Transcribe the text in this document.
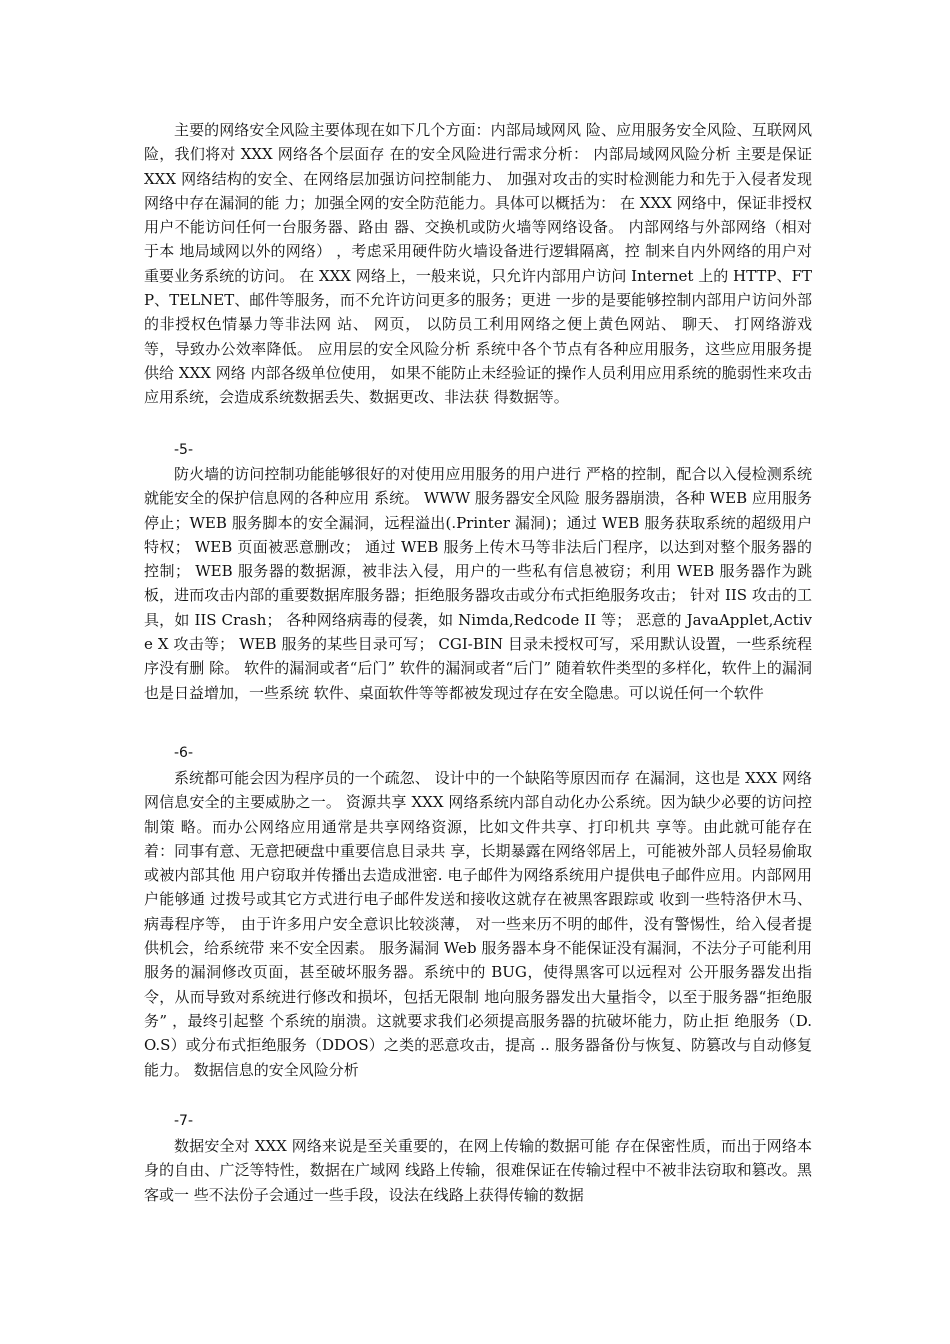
主要的网络安全风险主要体现在如下几个方面：内部局域网风 险、应用服务安全风险、互联网风险，我们将对 XXX 网络各个层面存 在的安全风险进行需求分析： 内部局域网风险分析 主要是保证 XXX 网络结构的安全、在网络层加强访问控制能力、 加强对攻击的实时检测能力和先于入侵者发现网络中存在漏洞的能 力；加强全网的安全防范能力。具体可以概括为： 在 XXX 网络中，保证非授权用户不能访问任何一台服务器、路由 器、交换机或防火墙等网络设备。 内部网络与外部网络（相对于本 地局域网以外的网络） ，考虑采用硬件防火墙设备进行逻辑隔离，控 制来自内外网络的用户对重要业务系统的访问。 在 XXX 网络上，一般来说，只允许内部用户访问 Internet 上的 HTTP、FTP、TELNET、邮件等服务，而不允许访问更多的服务；更进 一步的是要能够控制内部用户访问外部的非授权色情暴力等非法网 站、 网页， 以防员工利用网络之便上黄色网站、 聊天、 打网络游戏等，导致办公效率降低。 应用层的安全风险分析 系统中各个节点有各种应用服务，这些应用服务提供给 XXX 网络 内部各级单位使用， 如果不能防止未经验证的操作人员利用应用系统的脆弱性来攻击应用系统，会造成系统数据丢失、数据更改、非法获 得数据等。

-5-

防火墙的访问控制功能能够很好的对使用应用服务的用户进行 严格的控制，配合以入侵检测系统就能安全的保护信息网的各种应用 系统。 WWW 服务器安全风险 服务器崩溃，各种 WEB 应用服务停止；WEB 服务脚本的安全漏洞，远程溢出(.Printer 漏洞)；通过 WEB 服务获取系统的超级用户特权； WEB 页面被恶意删改； 通过 WEB 服务上传木马等非法后门程序，以达到对整个服务器的 控制； WEB 服务器的数据源，被非法入侵，用户的一些私有信息被窃；利用 WEB 服务器作为跳板，进而攻击内部的重要数据库服务器；拒绝服务器攻击或分布式拒绝服务攻击； 针对 IIS 攻击的工具，如 IIS Crash； 各种网络病毒的侵袭，如 Nimda,Redcode II 等； 恶意的 JavaApplet,Active X 攻击等； WEB 服务的某些目录可写； CGI-BIN 目录未授权可写，采用默认设置，一些系统程序没有删 除。 软件的漏洞或者“后门” 软件的漏洞或者“后门” 随着软件类型的多样化，软件上的漏洞也是日益增加，一些系统 软件、桌面软件等等都被发现过存在安全隐患。可以说任何一个软件

-6-

系统都可能会因为程序员的一个疏忽、 设计中的一个缺陷等原因而存 在漏洞，这也是 XXX 网络网信息安全的主要威胁之一。 资源共享 XXX 网络系统内部自动化办公系统。因为缺少必要的访问控制策 略。而办公网络应用通常是共享网络资源，比如文件共享、打印机共 享等。由此就可能存在着：同事有意、无意把硬盘中重要信息目录共 享，长期暴露在网络邻居上，可能被外部人员轻易偷取或被内部其他 用户窃取并传播出去造成泄密. 电子邮件为网络系统用户提供电子邮件应用。内部网用户能够通 过拨号或其它方式进行电子邮件发送和接收这就存在被黑客跟踪或 收到一些特洛伊木马、 病毒程序等， 由于许多用户安全意识比较淡薄， 对一些来历不明的邮件，没有警惕性，给入侵者提供机会，给系统带 来不安全因素。 服务漏洞 Web 服务器本身不能保证没有漏洞，不法分子可能利用服务的漏洞修改页面，甚至破坏服务器。系统中的 BUG，使得黑客可以远程对 公开服务器发出指令，从而导致对系统进行修改和损坏，包括无限制 地向服务器发出大量指令，以至于服务器“拒绝服务” ，最终引起整 个系统的崩溃。这就要求我们必须提高服务器的抗破坏能力，防止拒 绝服务（D.O.S）或分布式拒绝服务（DDOS）之类的恶意攻击，提高 .. 服务器备份与恢复、防篡改与自动修复能力。 数据信息的安全风险分析

-7-

数据安全对 XXX 网络来说是至关重要的，在网上传输的数据可能 存在保密性质，而出于网络本身的自由、广泛等特性，数据在广域网 线路上传输，很难保证在传输过程中不被非法窃取和篡改。黑客或一 些不法份子会通过一些手段，设法在线路上获得传输的数据
